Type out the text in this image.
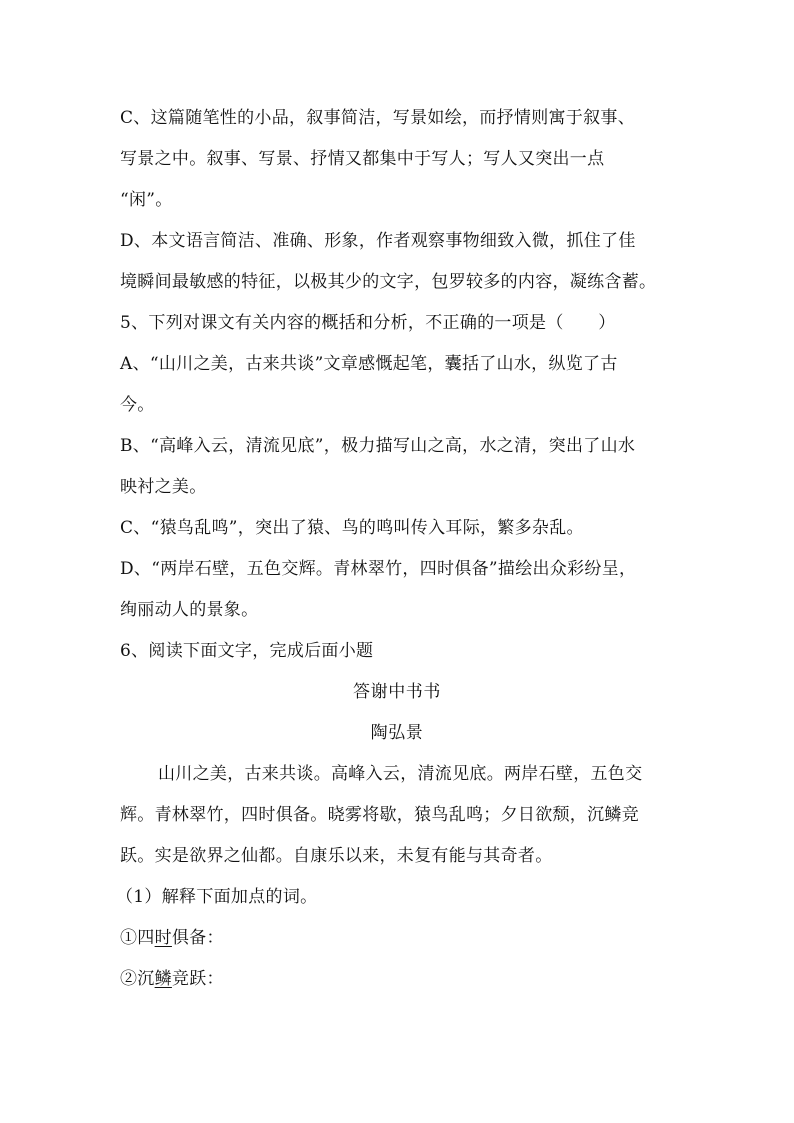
C、这篇随笔性的小品，叙事简洁，写景如绘，而抒情则寓于叙事、
写景之中。叙事、写景、抒情又都集中于写人；写人又突出一点
“闲”。
D、本文语言简洁、准确、形象，作者观察事物细致入微，抓住了佳
境瞬间最敏感的特征，以极其少的文字，包罗较多的内容，凝练含蓄。
5、下列对课文有关内容的概括和分析，不正确的一项是（　　）
A、“山川之美，古来共谈”文章感慨起笔，囊括了山水，纵览了古
今。
B、“高峰入云，清流见底”，极力描写山之高，水之清，突出了山水
映衬之美。
C、“猿鸟乱鸣”，突出了猿、鸟的鸣叫传入耳际，繁多杂乱。
D、“两岸石壁，五色交辉。青林翠竹，四时俱备”描绘出众彩纷呈，
绚丽动人的景象。
6、阅读下面文字，完成后面小题
答谢中书书
陶弘景
山川之美，古来共谈。高峰入云，清流见底。两岸石壁，五色交
辉。青林翠竹，四时俱备。晓雾将歇，猿鸟乱鸣；夕日欲颓，沉鳞竞
跃。实是欲界之仙都。自康乐以来，未复有能与其奇者。
（1）解释下面加点的词。
①四时俱备：
②沉鳞竞跃：
